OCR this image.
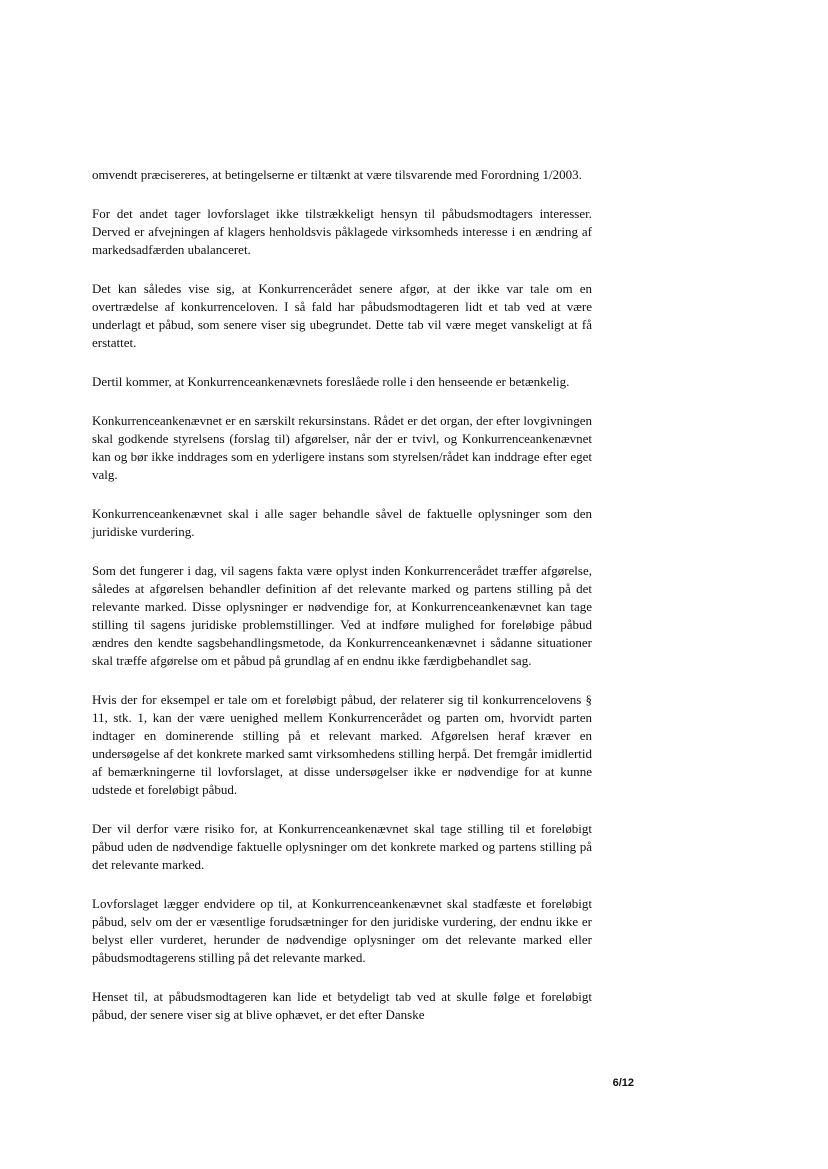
omvendt præcisereres, at betingelserne er tiltænkt at være tilsvarende med Forordning 1/2003.

For det andet tager lovforslaget ikke tilstrækkeligt hensyn til påbudsmodtagers interesser. Derved er afvejningen af klagers henholdsvis påklagede virksomheds interesse i en ændring af markedsadfærden ubalanceret.

Det kan således vise sig, at Konkurrencerådet senere afgør, at der ikke var tale om en overtrædelse af konkurrenceloven. I så fald har påbudsmodtageren lidt et tab ved at være underlagt et påbud, som senere viser sig ubegrundet. Dette tab vil være meget vanskeligt at få erstattet.

Dertil kommer, at Konkurrenceankenævnets foreslåede rolle i den henseende er betænkelig.

Konkurrenceankenævnet er en særskilt rekursinstans. Rådet er det organ, der efter lovgivningen skal godkende styrelsens (forslag til) afgørelser, når der er tvivl, og Konkurrenceankenævnet kan og bør ikke inddrages som en yderligere instans som styrelsen/rådet kan inddrage efter eget valg.

Konkurrenceankenævnet skal i alle sager behandle såvel de faktuelle oplysninger som den juridiske vurdering.

Som det fungerer i dag, vil sagens fakta være oplyst inden Konkurrencerådet træffer afgørelse, således at afgørelsen behandler definition af det relevante marked og partens stilling på det relevante marked. Disse oplysninger er nødvendige for, at Konkurrenceankenævnet kan tage stilling til sagens juridiske problemstillinger. Ved at indføre mulighed for foreløbige påbud ændres den kendte sagsbehandlingsmetode, da Konkurrenceankenævnet i sådanne situationer skal træffe afgørelse om et påbud på grundlag af en endnu ikke færdigbehandlet sag.

Hvis der for eksempel er tale om et foreløbigt påbud, der relaterer sig til konkurrencelovens § 11, stk. 1, kan der være uenighed mellem Konkurrencerådet og parten om, hvorvidt parten indtager en dominerende stilling på et relevant marked. Afgørelsen heraf kræver en undersøgelse af det konkrete marked samt virksomhedens stilling herpå. Det fremgår imidlertid af bemærkningerne til lovforslaget, at disse undersøgelser ikke er nødvendige for at kunne udstede et foreløbigt påbud.

Der vil derfor være risiko for, at Konkurrenceankenævnet skal tage stilling til et foreløbigt påbud uden de nødvendige faktuelle oplysninger om det konkrete marked og partens stilling på det relevante marked.

Lovforslaget lægger endvidere op til, at Konkurrenceankenævnet skal stadfæste et foreløbigt påbud, selv om der er væsentlige forudsætninger for den juridiske vurdering, der endnu ikke er belyst eller vurderet, herunder de nødvendige oplysninger om det relevante marked eller påbudsmodtagerens stilling på det relevante marked.

Henset til, at påbudsmodtageren kan lide et betydeligt tab ved at skulle følge et foreløbigt påbud, der senere viser sig at blive ophævet, er det efter Danske

6/12
